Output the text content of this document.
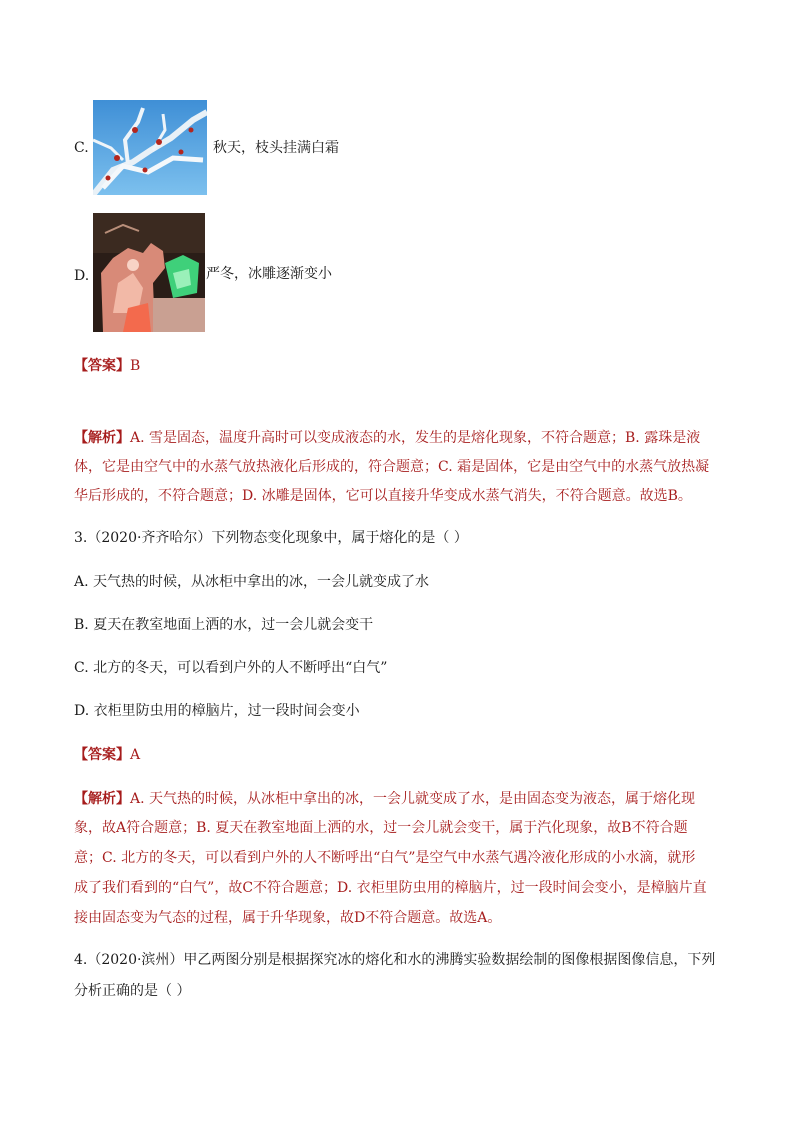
C.	秋天，枝头挂满白霜
D.	严冬，冰雕逐渐变小
【答案】B
【解析】A. 雪是固态，温度升高时可以变成液态的水，发生的是熔化现象，不符合题意；B. 露珠是液
体，它是由空气中的水蒸气放热液化后形成的，符合题意；C. 霜是固体，它是由空气中的水蒸气放热凝
华后形成的，不符合题意；D. 冰雕是固体，它可以直接升华变成水蒸气消失，不符合题意。故选B。
3.（2020·齐齐哈尔）下列物态变化现象中，属于熔化的是（ ）
A. 天气热的时候，从冰柜中拿出的冰，一会儿就变成了水
B. 夏天在教室地面上洒的水，过一会儿就会变干
C. 北方的冬天，可以看到户外的人不断呼出“白气”
D. 衣柜里防虫用的樟脑片，过一段时间会变小
【答案】A
【解析】A. 天气热的时候，从冰柜中拿出的冰，一会儿就变成了水，是由固态变为液态，属于熔化现
象，故A符合题意；B. 夏天在教室地面上洒的水，过一会儿就会变干，属于汽化现象，故B不符合题
意；C. 北方的冬天，可以看到户外的人不断呼出“白气”是空气中水蒸气遇冷液化形成的小水滴，就形
成了我们看到的“白气”，故C不符合题意；D. 衣柜里防虫用的樟脑片，过一段时间会变小，是樟脑片直
接由固态变为气态的过程，属于升华现象，故D不符合题意。故选A。
4.（2020·滨州）甲乙两图分别是根据探究冰的熔化和水的沸腾实验数据绘制的图像根据图像信息，下列
分析正确的是（ ）
